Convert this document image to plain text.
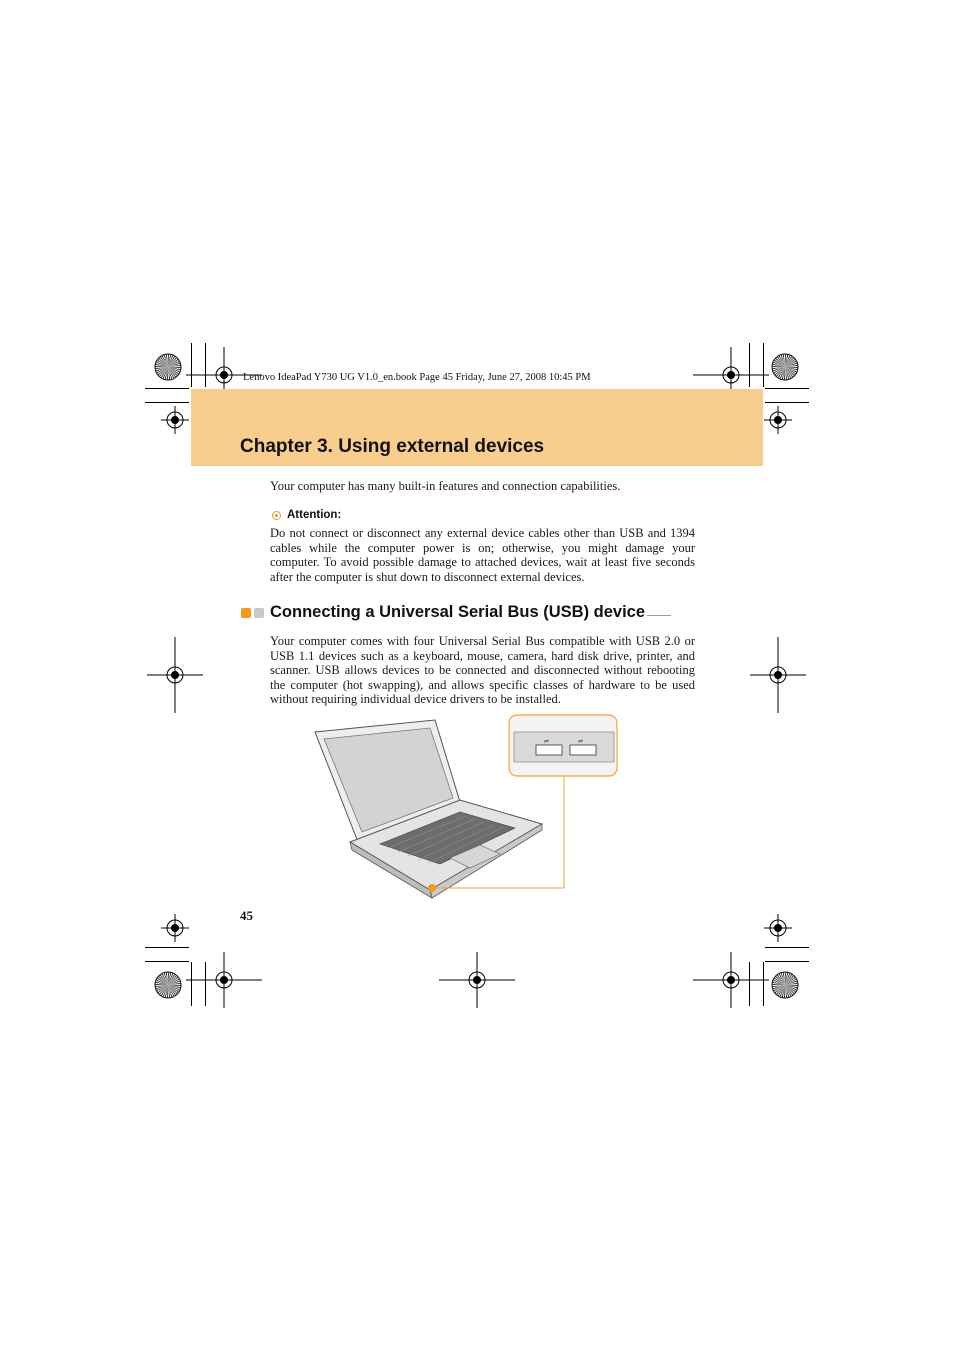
Lenovo IdeaPad Y730 UG V1.0_en.book Page 45 Friday, June 27, 2008 10:45 PM
Chapter 3. Using external devices
Your computer has many built-in features and connection capabilities.
Attention:
Do not connect or disconnect any external device cables other than USB and 1394 cables while the computer power is on; otherwise, you might damage your computer. To avoid possible damage to attached devices, wait at least five seconds after the computer is shut down to disconnect external devices.
Connecting a Universal Serial Bus (USB) device
Your computer comes with four Universal Serial Bus compatible with USB 2.0 or USB 1.1 devices such as a keyboard, mouse, camera, hard disk drive, printer, and scanner. USB allows devices to be connected and disconnected without rebooting the computer (hot swapping), and allows specific classes of hardware to be used without requiring individual device drivers to be installed.
⇌	⇌
45
